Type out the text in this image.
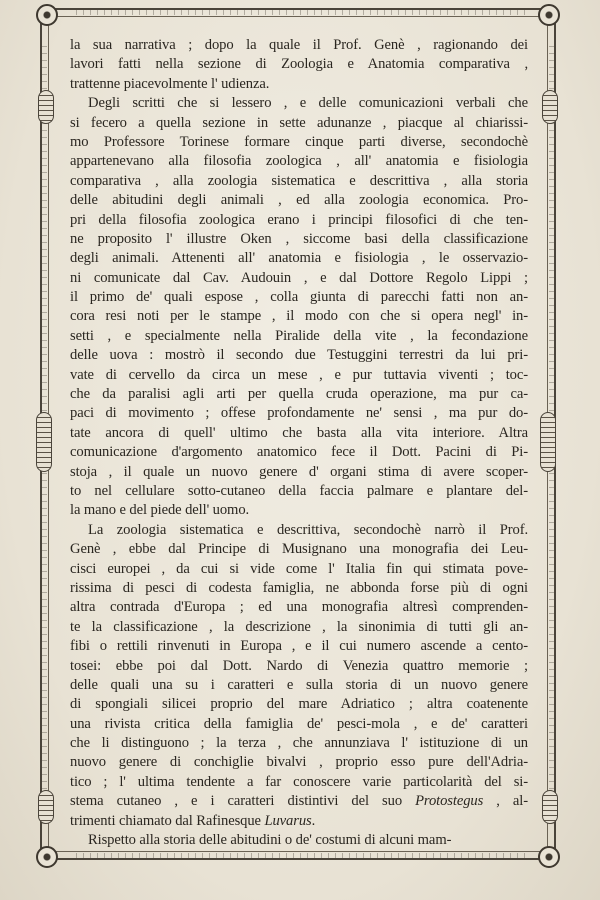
la sua narrativa ; dopo la quale il Prof. Genè , ragionando dei
lavori fatti nella sezione di Zoologia e Anatomia comparativa ,
trattenne piacevolmente l' udienza.
Degli scritti che si lessero , e delle comunicazioni verbali che
si fecero a quella sezione in sette adunanze , piacque al chiarissi-
mo Professore Torinese formare cinque parti diverse, secondochè
appartenevano alla filosofia zoologica , all' anatomia e fisiologia
comparativa , alla zoologia sistematica e descrittiva , alla storia
delle abitudini degli animali , ed alla zoologia economica. Pro-
pri della filosofia zoologica erano i principi filosofici di che ten-
ne proposito l' illustre Oken , siccome basi della classificazione
degli animali. Attenenti all' anatomia e fisiologia , le osservazio-
ni comunicate dal Cav. Audouin , e dal Dottore Regolo Lippi ;
il primo de' quali espose , colla giunta di parecchi fatti non an-
cora resi noti per le stampe , il modo con che si opera negl' in-
setti , e specialmente nella Piralide della vite , la fecondazione
delle uova : mostrò il secondo due Testuggini terrestri da lui pri-
vate di cervello da circa un mese , e pur tuttavia viventi ; toc-
che da paralisi agli arti per quella cruda operazione, ma pur ca-
paci di movimento ; offese profondamente ne' sensi , ma pur do-
tate ancora di quell' ultimo che basta alla vita interiore. Altra
comunicazione d'argomento anatomico fece il Dott. Pacini di Pi-
stoja , il quale un nuovo genere d' organi stima di avere scoper-
to nel cellulare sotto-cutaneo della faccia palmare e plantare del-
la mano e del piede dell' uomo.
La zoologia sistematica e descrittiva, secondochè narrò il Prof.
Genè , ebbe dal Principe di Musignano una monografia dei Leu-
cisci europei , da cui si vide come l' Italia fin qui stimata pove-
rissima di pesci di codesta famiglia, ne abbonda forse più di ogni
altra contrada d'Europa ; ed una monografia altresì comprenden-
te la classificazione , la descrizione , la sinonimia di tutti gli an-
fibi o rettili rinvenuti in Europa , e il cui numero ascende a cento-
tosei: ebbe poi dal Dott. Nardo di Venezia quattro memorie ;
delle quali una su i caratteri e sulla storia di un nuovo genere
di spongiali silicei proprio del mare Adriatico ; altra coatenente
una rivista critica della famiglia de' pesci-mola , e de' caratteri
che li distinguono ; la terza , che annunziava l' istituzione di un
nuovo genere di conchiglie bivalvi , proprio esso pure dell'Adria-
tico ; l' ultima tendente a far conoscere varie particolarità del si-
stema cutaneo , e i caratteri distintivi del suo Protostegus , al-
trimenti chiamato dal Rafinesque Luvarus.
Rispetto alla storia delle abitudini o de' costumi di alcuni mam-
